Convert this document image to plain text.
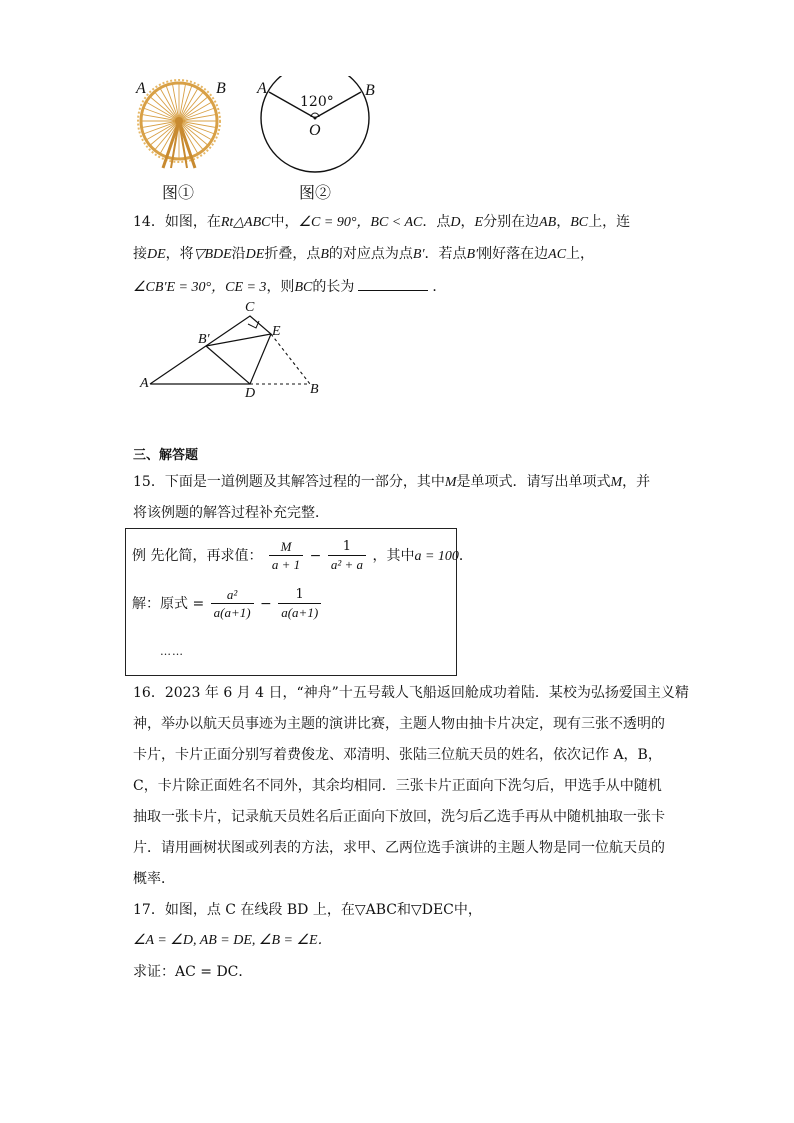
A	B
图①
A	B
120°
O
图②
14．如图，在Rt△ABC中，∠C = 90°，BC < AC．点D，E分别在边AB，BC上，连
接DE，将▽BDE沿DE折叠，点B的对应点为点B′．若点B′刚好落在边AC上，
∠CB′E = 30°，CE = 3，则BC的长为	．
C
B′
E
A
D	B
三、解答题
15．下面是一道例题及其解答过程的一部分，其中M是单项式．请写出单项式M，并
将该例题的解答过程补充完整．
例 先化简，再求值： $\frac{M}{a + 1} - \frac{1}{\text{a² + a}}$ ，其中a = 100．
解：原式 = $\frac{\text{a²}}{a(a+1)} - \frac{1}{a(a+1)}$
……
16．2023 年 6 月 4 日，“神舟”十五号载人飞船返回舱成功着陆．某校为弘扬爱国主义精
神，举办以航天员事迹为主题的演讲比赛，主题人物由抽卡片决定，现有三张不透明的
卡片，卡片正面分别写着费俊龙、邓清明、张陆三位航天员的姓名，依次记作 A，B，
C，卡片除正面姓名不同外，其余均相同．三张卡片正面向下洗匀后，甲选手从中随机
抽取一张卡片，记录航天员姓名后正面向下放回，洗匀后乙选手再从中随机抽取一张卡
片．请用画树状图或列表的方法，求甲、乙两位选手演讲的主题人物是同一位航天员的
概率．
17．如图，点 C 在线段 BD 上，在▽ABC和▽DEC中，
∠A = ∠D, AB = DE, ∠B = ∠E．
求证：AC = DC．
